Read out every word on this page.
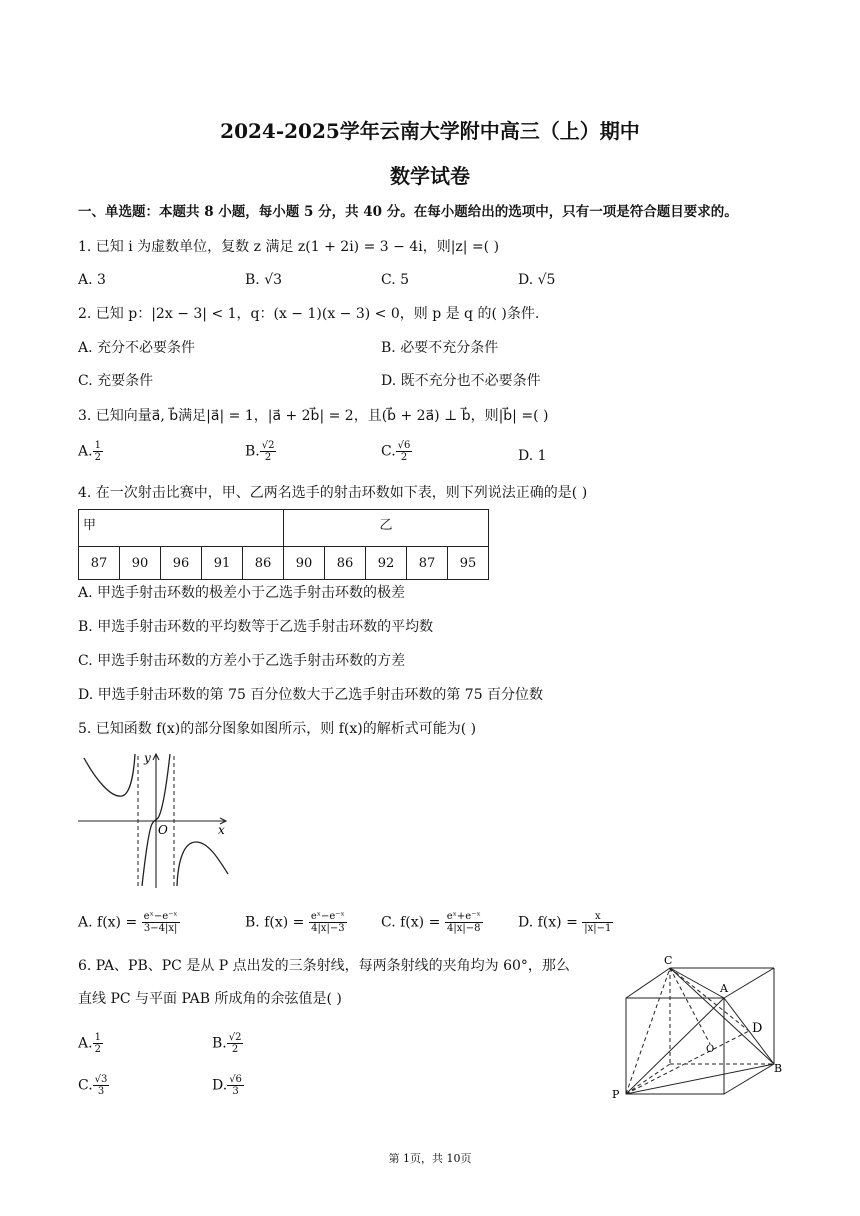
2024-2025学年云南大学附中高三（上）期中
数学试卷
一、单选题：本题共 8 小题，每小题 5 分，共 40 分。在每小题给出的选项中，只有一项是符合题目要求的。
1. 已知 i 为虚数单位，复数 z 满足 z(1 + 2i) = 3 − 4i，则|z| =( )
A. 3	B. √3	C. 5	D. √5
2. 已知 p：|2x − 3| < 1，q：(x − 1)(x − 3) < 0，则 p 是 q 的( )条件.
A. 充分不必要条件	B. 必要不充分条件
C. 充要条件	D. 既不充分也不必要条件
3. 已知向量a⃗, b⃗满足|a⃗| = 1，|a⃗ + 2b⃗| = 2，且(b⃗ + 2a⃗) ⊥ b⃗，则|b⃗| =( )
A. $\frac{1}{2}$	B. $\frac{√2}{2}$	C. $\frac{√6}{2}$	D. 1
4. 在一次射击比赛中，甲、乙两名选手的射击环数如下表，则下列说法正确的是( )
甲					乙				
87	90	96	91	86	90	86	92	87	95
A. 甲选手射击环数的极差小于乙选手射击环数的极差
B. 甲选手射击环数的平均数等于乙选手射击环数的平均数
C. 甲选手射击环数的方差小于乙选手射击环数的方差
D. 甲选手射击环数的第 75 百分位数大于乙选手射击环数的第 75 百分位数
5. 已知函数 f(x)的部分图象如图所示，则 f(x)的解析式可能为( )
y
x
O
A. $f(x) = \frac{\text{eˣ−e⁻ˣ}}{3-4|x|}$	B. $f(x) = \frac{\text{eˣ−e⁻ˣ}}{4|x|-3} C$. $f(x) = \frac{\text{eˣ+e⁻ˣ}}{4|x|-8}$	D. $f(x) = \frac{x}{|x|-1}$
6. PA、PB、PC 是从 P 点出发的三条射线，每两条射线的夹角均为 60°，那么
直线 PC 与平面 PAB 所成角的余弦值是( )
A. $\frac{1}{2}$	B. $\frac{√2}{2}$
C. $\frac{√3}{3}$	D. $\frac{√6}{3}$
C
A
D
O
B
P
第 1页，共 10页
